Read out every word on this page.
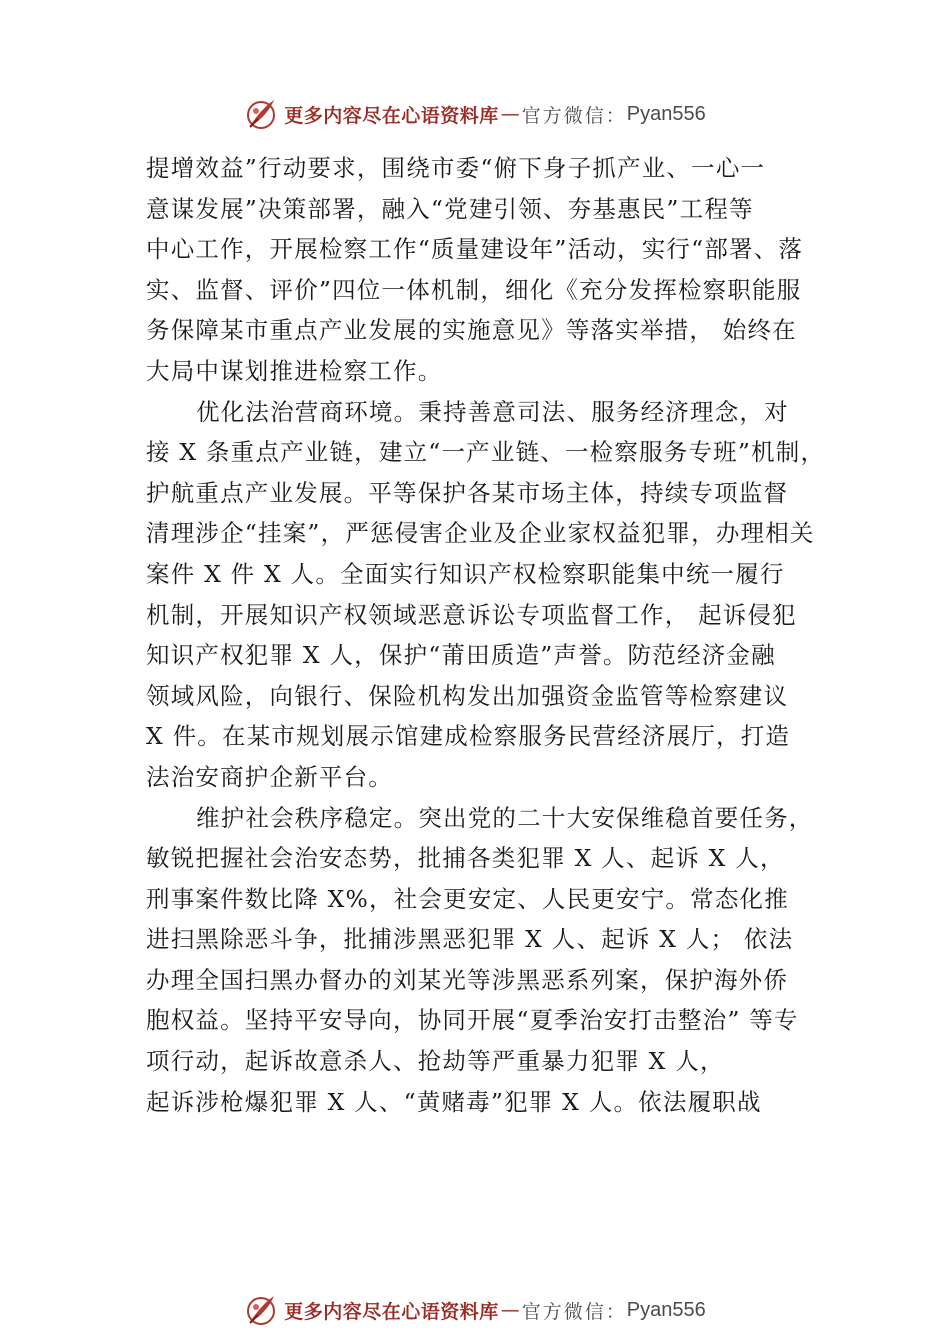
更多内容尽在心语资料库 — 官方微信： Pyan556
提增效益”行动要求，围绕市委“俯下身子抓产业、一心一
意谋发展”决策部署，融入“党建引领、夯基惠民”工程等
中心工作，开展检察工作“质量建设年”活动，实行“部署、落
实、监督、评价”四位一体机制，细化《充分发挥检察职能服
务保障某市重点产业发展的实施意见》等落实举措， 始终在
大局中谋划推进检察工作。
优化法治营商环境。秉持善意司法、服务经济理念，对
接 X 条重点产业链，建立“一产业链、一检察服务专班”机制，
护航重点产业发展。平等保护各某市场主体，持续专项监督
清理涉企“挂案”，严惩侵害企业及企业家权益犯罪，办理相关
案件 X 件 X 人。全面实行知识产权检察职能集中统一履行
机制，开展知识产权领域恶意诉讼专项监督工作， 起诉侵犯
知识产权犯罪 X 人，保护“莆田质造”声誉。防范经济金融
领域风险，向银行、保险机构发出加强资金监管等检察建议
X 件。在某市规划展示馆建成检察服务民营经济展厅，打造
法治安商护企新平台。
维护社会秩序稳定。突出党的二十大安保维稳首要任务，
敏锐把握社会治安态势，批捕各类犯罪 X 人、起诉 X 人，
刑事案件数比降 X%，社会更安定、人民更安宁。常态化推
进扫黑除恶斗争，批捕涉黑恶犯罪 X 人、起诉 X 人； 依法
办理全国扫黑办督办的刘某光等涉黑恶系列案，保护海外侨
胞权益。坚持平安导向，协同开展“夏季治安打击整治” 等专
项行动，起诉故意杀人、抢劫等严重暴力犯罪 X 人，
起诉涉枪爆犯罪 X 人、“黄赌毒”犯罪 X 人。依法履职战
更多内容尽在心语资料库 — 官方微信： Pyan556
